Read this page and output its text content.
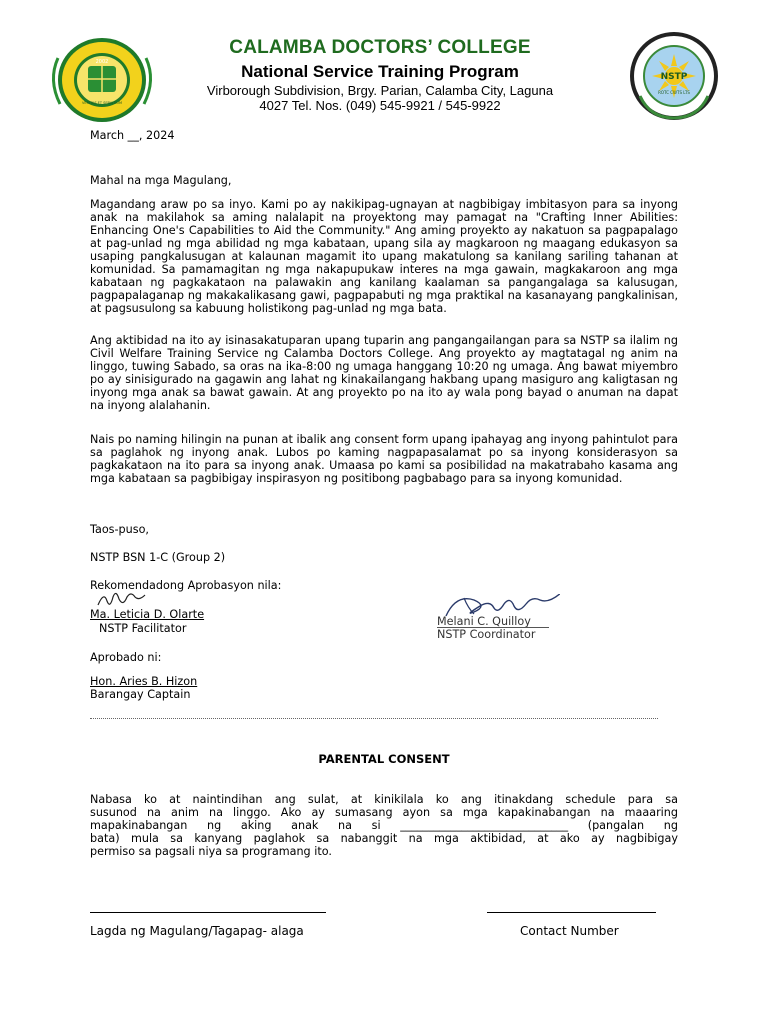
2002
VERITAS ET SERVITIUM
CALAMBA DOCTORS’ COLLEGE
National Service Training Program
Virborough Subdivision, Brgy. Parian, Calamba City, Laguna
4027 Tel. Nos. (049) 545-9921 / 545-9922
NSTP
ROTC CWTS LTS
March __, 2024
Mahal na mga Magulang,
Magandang araw po sa inyo. Kami po ay nakikipag-ugnayan at nagbibigay imbitasyon para sa inyong anak na makilahok sa aming nalalapit na proyektong may pamagat na "Crafting Inner Abilities: Enhancing One's Capabilities to Aid the Community." Ang aming proyekto ay nakatuon sa pagpapalago at pag-unlad ng mga abilidad ng mga kabataan, upang sila ay magkaroon ng maagang edukasyon sa usaping pangkalusugan at kalaunan magamit ito upang makatulong sa kanilang sariling tahanan at komunidad. Sa pamamagitan ng mga nakapupukaw interes na mga gawain, magkakaroon ang mga kabataan ng pagkakataon na palawakin ang kanilang kaalaman sa pangangalaga sa kalusugan, pagpapalaganap ng makakalikasang gawi, pagpapabuti ng mga praktikal na kasanayang pangkalinisan, at pagsusulong sa kabuung holistikong pag-unlad ng mga bata.
Ang aktibidad na ito ay isinasakatuparan upang tuparin ang pangangailangan para sa NSTP sa ilalim ng Civil Welfare Training Service ng Calamba Doctors College. Ang proyekto ay magtatagal ng anim na linggo, tuwing Sabado, sa oras na ika-8:00 ng umaga hanggang 10:20 ng umaga. Ang bawat miyembro po ay sinisigurado na gagawin ang lahat ng kinakailangang hakbang upang masiguro ang kaligtasan ng inyong mga anak sa bawat gawain. At ang proyekto po na ito ay wala pong bayad o anuman na dapat na inyong alalahanin.
Nais po naming hilingin na punan at ibalik ang consent form upang ipahayag ang inyong pahintulot para sa paglahok ng inyong anak. Lubos po kaming nagpapasalamat po sa inyong konsiderasyon sa pagkakataon na ito para sa inyong anak. Umaasa po kami sa posibilidad na makatrabaho kasama ang mga kabataan sa pagbibigay inspirasyon ng positibong pagbabago para sa inyong komunidad.
Taos-puso,
NSTP BSN 1-C (Group 2)
Rekomendadong Aprobasyon nila:
Ma. Leticia D. Olarte
NSTP Facilitator
Melani C. Quilloy
NSTP Coordinator
Aprobado ni:
Hon. Aries B. Hizon
Barangay Captain
PARENTAL CONSENT
Nabasa ko at naintindihan ang sulat, at kinikilala ko ang itinakdang schedule para sa
susunod na anim na linggo. Ako ay sumasang ayon sa mga kapakinabangan na maaaring
mapakinabangan ng aking anak na si ______________________________ (pangalan ng
bata) mula sa kanyang paglahok sa nabanggit na mga aktibidad, at ako ay nagbibigay
permiso sa pagsali niya sa programang ito.
Lagda ng Magulang/Tagapag- alaga	Contact Number
